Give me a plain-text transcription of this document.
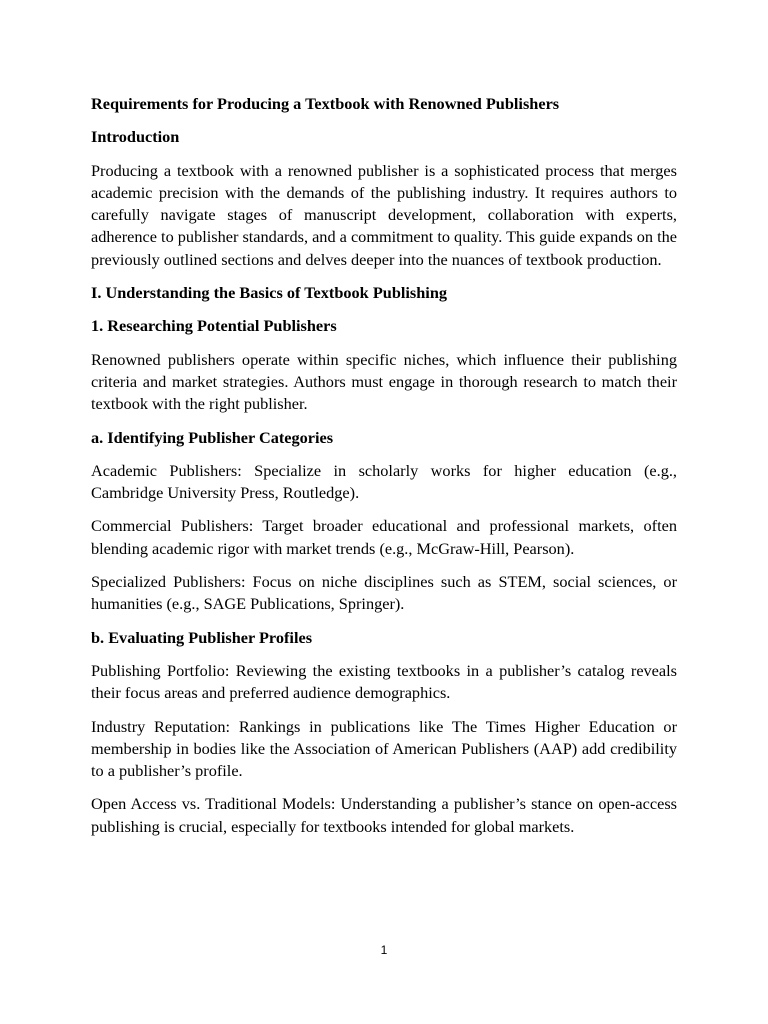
Requirements for Producing a Textbook with Renowned Publishers

Introduction

Producing a textbook with a renowned publisher is a sophisticated process that merges academic precision with the demands of the publishing industry. It requires authors to carefully navigate stages of manuscript development, collaboration with experts, adherence to publisher standards, and a commitment to quality. This guide expands on the previously outlined sections and delves deeper into the nuances of textbook production.

I. Understanding the Basics of Textbook Publishing

1. Researching Potential Publishers

Renowned publishers operate within specific niches, which influence their publishing criteria and market strategies. Authors must engage in thorough research to match their textbook with the right publisher.

a. Identifying Publisher Categories

Academic Publishers: Specialize in scholarly works for higher education (e.g., Cambridge University Press, Routledge).

Commercial Publishers: Target broader educational and professional markets, often blending academic rigor with market trends (e.g., McGraw-Hill, Pearson).

Specialized Publishers: Focus on niche disciplines such as STEM, social sciences, or humanities (e.g., SAGE Publications, Springer).

b. Evaluating Publisher Profiles

Publishing Portfolio: Reviewing the existing textbooks in a publisher’s catalog reveals their focus areas and preferred audience demographics.

Industry Reputation: Rankings in publications like The Times Higher Education or membership in bodies like the Association of American Publishers (AAP) add credibility to a publisher’s profile.

Open Access vs. Traditional Models: Understanding a publisher’s stance on open-access publishing is crucial, especially for textbooks intended for global markets.

1
